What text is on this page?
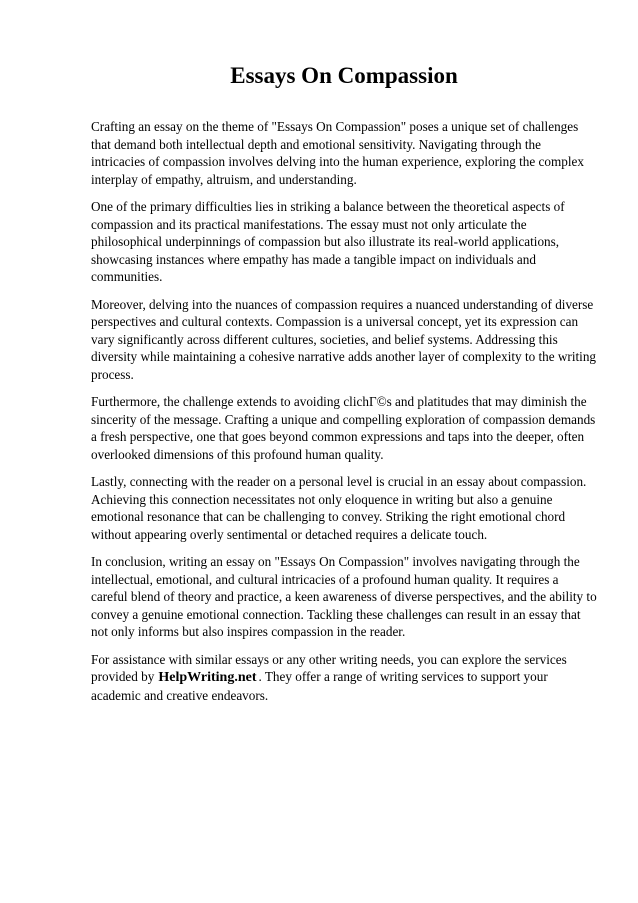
Essays On Compassion

Crafting an essay on the theme of "Essays On Compassion" poses a unique set of challenges that demand both intellectual depth and emotional sensitivity. Navigating through the intricacies of compassion involves delving into the human experience, exploring the complex interplay of empathy, altruism, and understanding.

One of the primary difficulties lies in striking a balance between the theoretical aspects of compassion and its practical manifestations. The essay must not only articulate the philosophical underpinnings of compassion but also illustrate its real-world applications, showcasing instances where empathy has made a tangible impact on individuals and communities.

Moreover, delving into the nuances of compassion requires a nuanced understanding of diverse perspectives and cultural contexts. Compassion is a universal concept, yet its expression can vary significantly across different cultures, societies, and belief systems. Addressing this diversity while maintaining a cohesive narrative adds another layer of complexity to the writing process.

Furthermore, the challenge extends to avoiding clichΓ©s and platitudes that may diminish the sincerity of the message. Crafting a unique and compelling exploration of compassion demands a fresh perspective, one that goes beyond common expressions and taps into the deeper, often overlooked dimensions of this profound human quality.

Lastly, connecting with the reader on a personal level is crucial in an essay about compassion. Achieving this connection necessitates not only eloquence in writing but also a genuine emotional resonance that can be challenging to convey. Striking the right emotional chord without appearing overly sentimental or detached requires a delicate touch.

In conclusion, writing an essay on "Essays On Compassion" involves navigating through the intellectual, emotional, and cultural intricacies of a profound human quality. It requires a careful blend of theory and practice, a keen awareness of diverse perspectives, and the ability to convey a genuine emotional connection. Tackling these challenges can result in an essay that not only informs but also inspires compassion in the reader.

For assistance with similar essays or any other writing needs, you can explore the services provided by HelpWriting.net . They offer a range of writing services to support your academic and creative endeavors.
